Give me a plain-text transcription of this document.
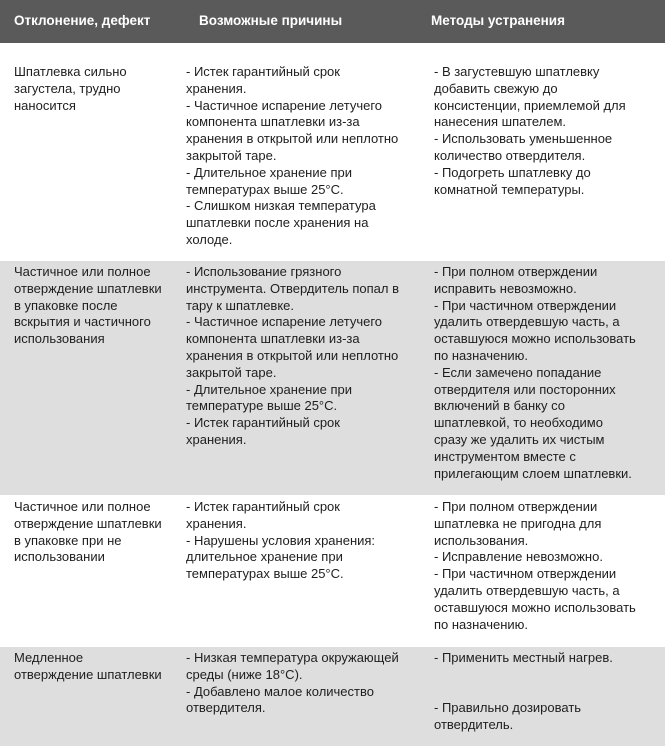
Отклонение, дефект	Возможные причины	Методы устранения
Шпатлевка сильно
загустела, трудно
наносится
- Истек гарантийный срок
хранения.
- Частичное испарение летучего
компонента шпатлевки из-за
хранения в открытой или неплотно
закрытой таре.
- Длительное хранение при
температурах выше 25°C.
- Слишком низкая температура
шпатлевки после хранения на
холоде.
- В загустевшую шпатлевку
добавить свежую до
консистенции, приемлемой для
нанесения шпателем.
- Использовать уменьшенное
количество отвердителя.
- Подогреть шпатлевку до
комнатной температуры.
Частичное или полное
отверждение шпатлевки
в упаковке после
вскрытия и частичного
использования
- Использование грязного
инструмента. Отвердитель попал в
тару к шпатлевке.
- Частичное испарение летучего
компонента шпатлевки из-за
хранения в открытой или неплотно
закрытой таре.
- Длительное хранение при
температуре выше 25°C.
- Истек гарантийный срок
хранения.
- При полном отверждении
исправить невозможно.
- При частичном отверждении
удалить отвердевшую часть, а
оставшуюся можно использовать
по назначению.
- Если замечено попадание
отвердителя или посторонних
включений в банку со
шпатлевкой, то необходимо
сразу же удалить их чистым
инструментом вместе с
прилегающим слоем шпатлевки.
Частичное или полное
отверждение шпатлевки
в упаковке при не
использовании
- Истек гарантийный срок
хранения.
- Нарушены условия хранения:
длительное хранение при
температурах выше 25°C.
- При полном отверждении
шпатлевка не пригодна для
использования.
- Исправление невозможно.
- При частичном отверждении
удалить отвердевшую часть, а
оставшуюся можно использовать
по назначению.
Медленное
отверждение шпатлевки
- Низкая температура окружающей
среды (ниже 18°C).
- Добавлено малое количество
отвердителя.
- Применить местный нагрев.
- Правильно дозировать
отвердитель.
